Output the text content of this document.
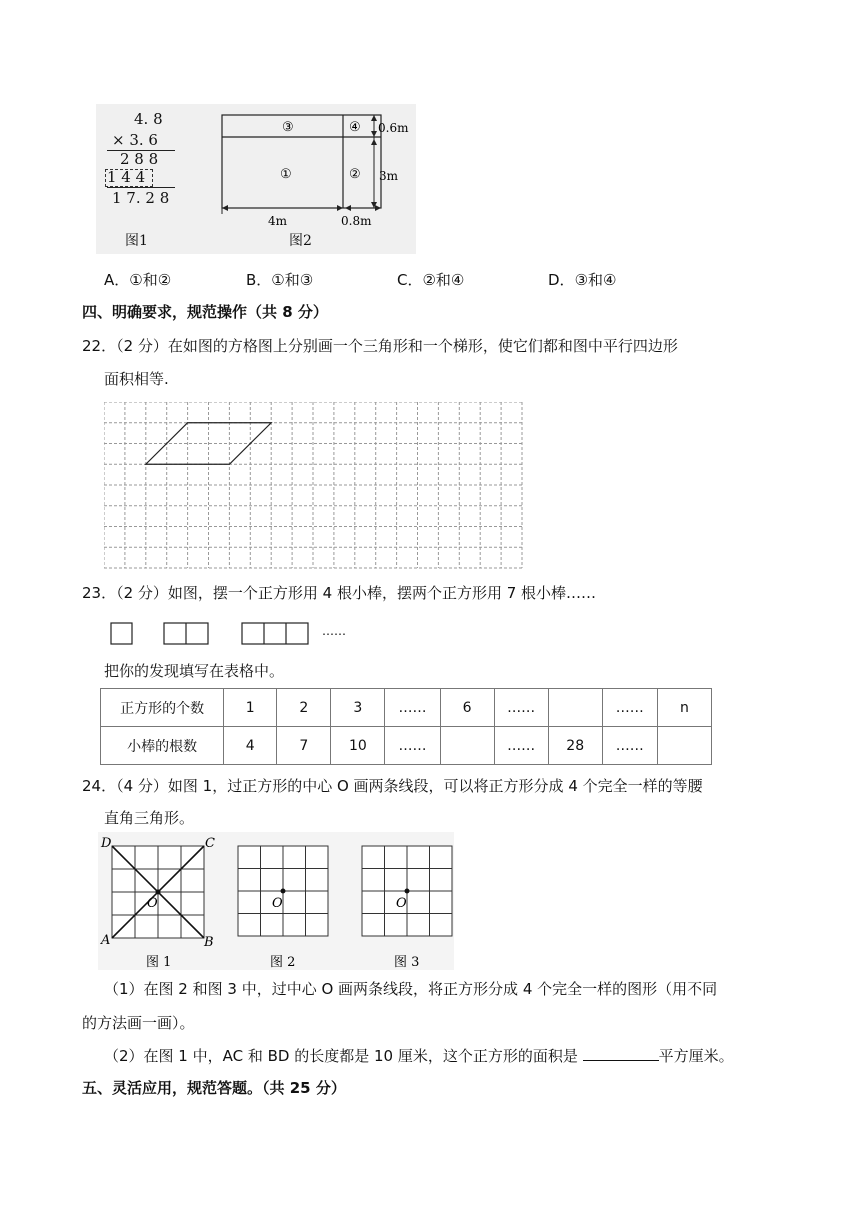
4. 8
× 3. 6
2 8 8
1 4 4
1 7. 2 8
图1
③	④
①	②
0.6m
3m
4m	0.8m
图2
A．①和②	B．①和③	C．②和④	D．③和④
四、明确要求，规范操作（共 8 分）
22．（2 分）在如图的方格图上分别画一个三角形和一个梯形，使它们都和图中平行四边形
面积相等.
23．（2 分）如图，摆一个正方形用 4 根小棒，摆两个正方形用 7 根小棒……
……
把你的发现填写在表格中。
正方形的个数	1	2	3	……	6	……		……	n
小棒的根数	4	7	10	……		……	28	……	
24．（4 分）如图 1，过正方形的中心 O 画两条线段，可以将正方形分成 4 个完全一样的等腰
直角三角形。
D	C
A	B
O
图 1
O
图 2
O
图 3
（1）在图 2 和图 3 中，过中心 O 画两条线段，将正方形分成 4 个完全一样的图形（用不同
的方法画一画）。
（2）在图 1 中，AC 和 BD 的长度都是 10 厘米，这个正方形的面积是	平方厘米。
五、灵活应用，规范答题。（共 25 分）
